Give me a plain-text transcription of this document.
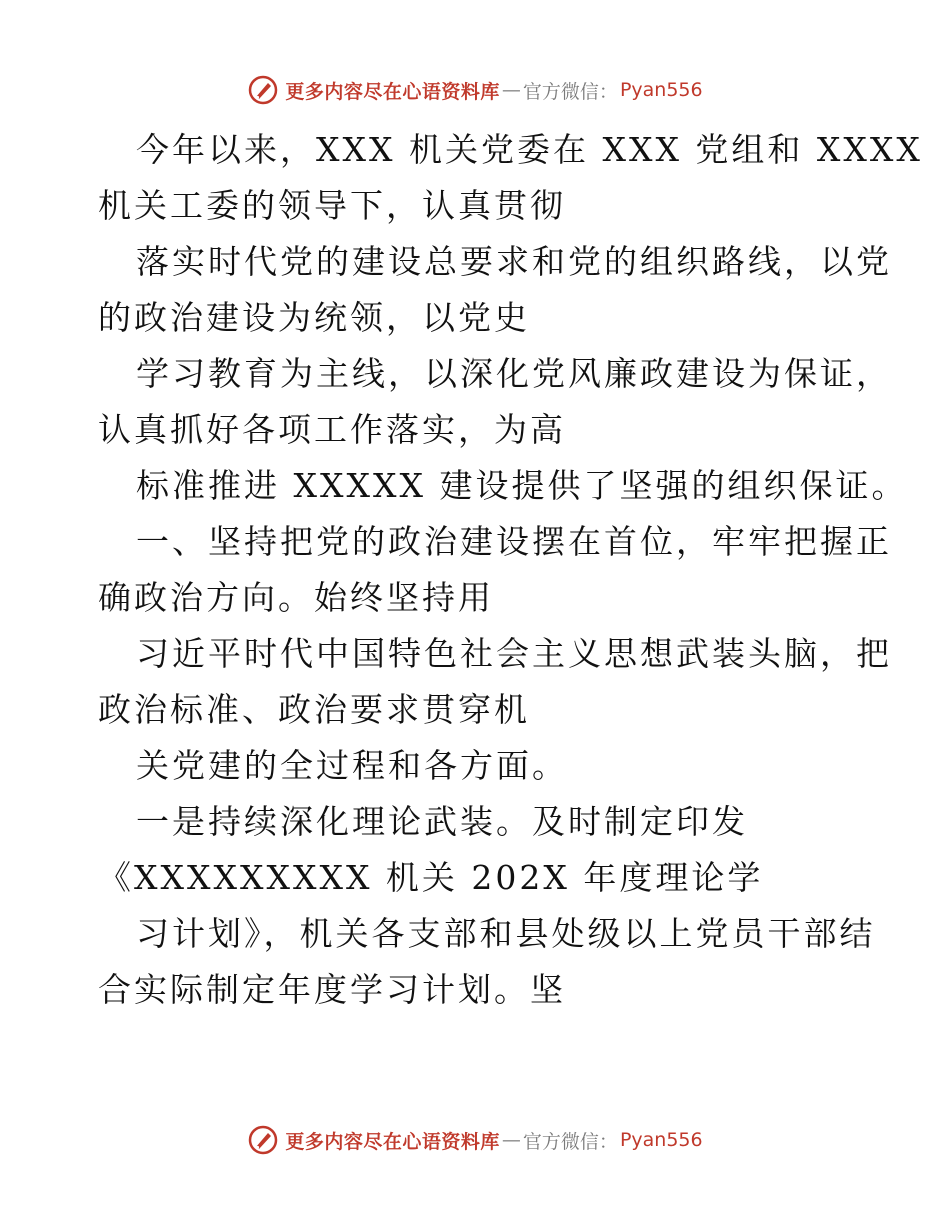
更多内容尽在心语资料库 — 官方微信： Pyan556
今年以来，XXX 机关党委在 XXX 党组和 XXXX
机关工委的领导下，认真贯彻
落实时代党的建设总要求和党的组织路线，以党
的政治建设为统领，以党史
学习教育为主线，以深化党风廉政建设为保证，
认真抓好各项工作落实，为高
标准推进 XXXXX 建设提供了坚强的组织保证。
一、坚持把党的政治建设摆在首位，牢牢把握正
确政治方向。始终坚持用
习近平时代中国特色社会主义思想武装头脑，把
政治标准、政治要求贯穿机
关党建的全过程和各方面。
一是持续深化理论武装。及时制定印发
《XXXXXXXXX 机关 202X 年度理论学
习计划》，机关各支部和县处级以上党员干部结
合实际制定年度学习计划。坚
更多内容尽在心语资料库 — 官方微信： Pyan556
